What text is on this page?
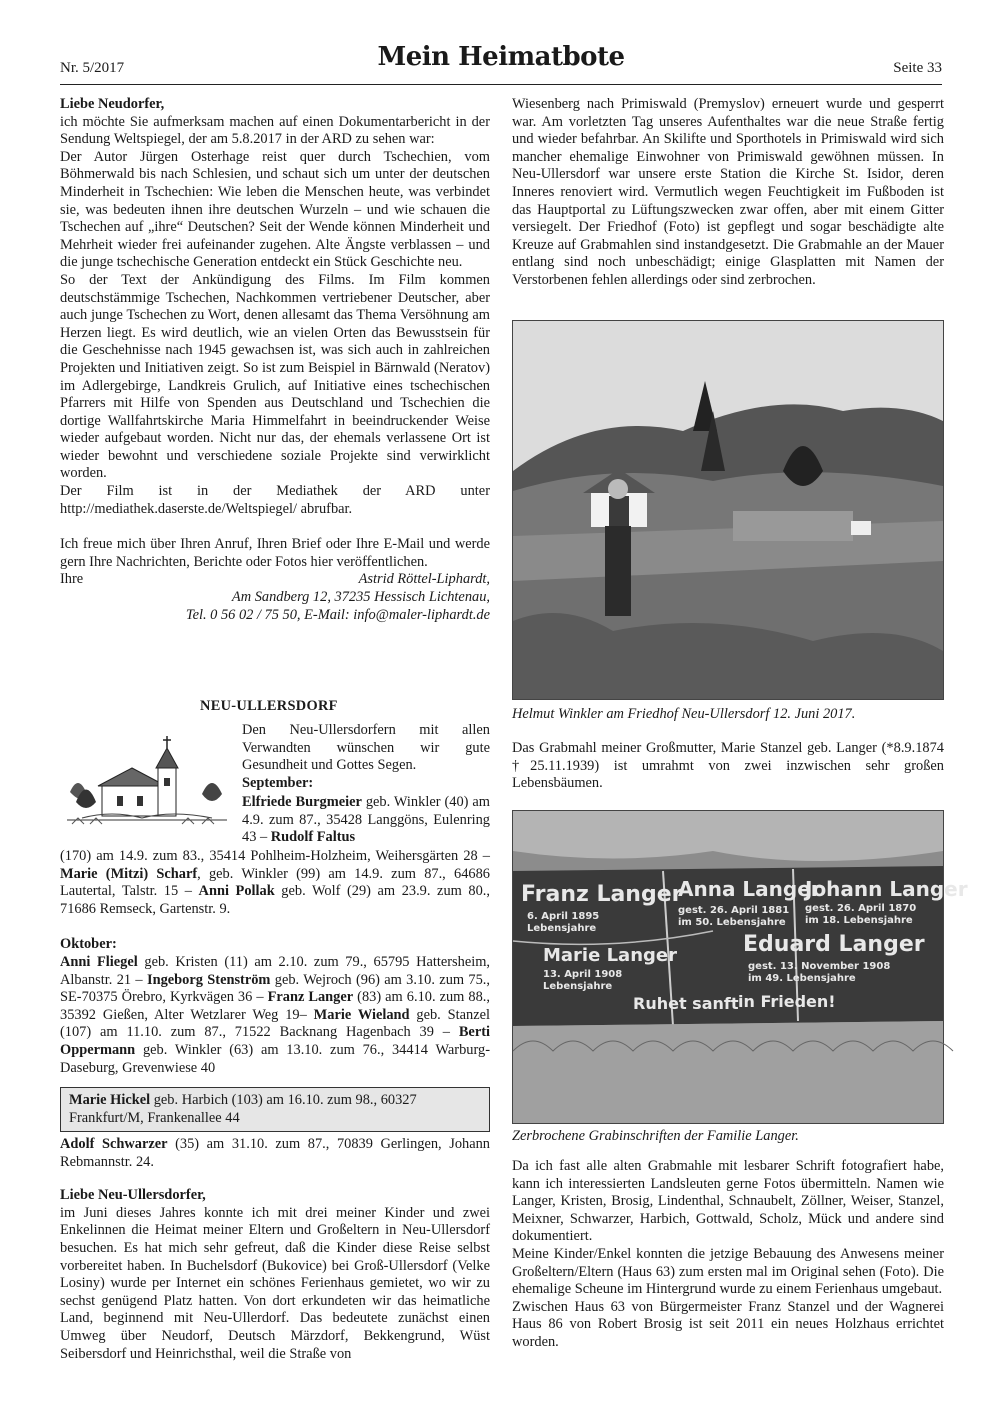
Nr. 5/2017	Mein Heimatbote	Seite 33

Liebe Neudorfer,

ich möchte Sie aufmerksam machen auf einen Dokumentarbericht in der Sendung Weltspiegel, der am 5.8.2017 in der ARD zu sehen war:

Der Autor Jürgen Osterhage reist quer durch Tschechien, vom Böhmerwald bis nach Schlesien, und schaut sich um unter der deutschen Minderheit in Tschechien: Wie leben die Menschen heute, was verbindet sie, was bedeuten ihnen ihre deutschen Wurzeln – und wie schauen die Tschechen auf „ihre“ Deutschen? Seit der Wende können Minderheit und Mehrheit wieder frei aufeinander zugehen. Alte Ängste verblassen – und die junge tschechische Generation entdeckt ein Stück Geschichte neu.

So der Text der Ankündigung des Films. Im Film kommen deutschstämmige Tschechen, Nachkommen vertriebener Deutscher, aber auch junge Tschechen zu Wort, denen allesamt das Thema Versöhnung am Herzen liegt. Es wird deutlich, wie an vielen Orten das Bewusstsein für die Geschehnisse nach 1945 gewachsen ist, was sich auch in zahlreichen Projekten und Initiativen zeigt. So ist zum Beispiel in Bärnwald (Neratov) im Adlergebirge, Landkreis Grulich, auf Initiative eines tschechischen Pfarrers mit Hilfe von Spenden aus Deutschland und Tschechien die dortige Wallfahrtskirche Maria Himmelfahrt in beeindruckender Weise wieder aufgebaut worden. Nicht nur das, der ehemals verlassene Ort ist wieder bewohnt und verschiedene soziale Projekte sind verwirklicht worden.

Der Film ist in der Mediathek der ARD unter http://mediathek.daserste.de/Weltspiegel/ abrufbar.

Ich freue mich über Ihren Anruf, Ihren Brief oder Ihre E-Mail und werde gern Ihre Nachrichten, Berichte oder Fotos hier veröffentlichen.

Ihre	Astrid Röttel-Liphardt,

Am Sandberg 12, 37235 Hessisch Lichtenau,

Tel. 0 56 02 / 75 50, E-Mail: info@maler-liphardt.de

NEU-ULLERSDORF

Den Neu-Ullersdorfern mit allen Verwandten wünschen wir gute Gesundheit und Gottes Segen.

September:

Elfriede Burgmeier geb. Winkler (40) am 4.9. zum 87., 35428 Langgöns, Eulenring 43 – Rudolf Faltus

(170) am 14.9. zum 83., 35414 Pohlheim-Holzheim, Weihersgärten 28 – Marie (Mitzi) Scharf, geb. Winkler (99) am 14.9. zum 87., 64686 Lautertal, Talstr. 15 – Anni Pollak geb. Wolf (29) am 23.9. zum 80., 71686 Remseck, Gartenstr. 9.

Oktober:

Anni Fliegel geb. Kristen (11) am 2.10. zum 79., 65795 Hattersheim, Albanstr. 21 – Ingeborg Stenström geb. Wejroch (96) am 3.10. zum 75., SE-70375 Örebro, Kyrkvägen 36 – Franz Langer (83) am 6.10. zum 88., 35392 Gießen, Alter Wetzlarer Weg 19– Marie Wieland geb. Stanzel (107) am 11.10. zum 87., 71522 Backnang Hagenbach 39 – Berti Oppermann geb. Winkler (63) am 13.10. zum 76., 34414 Warburg-Daseburg, Grevenwiese 40

Marie Hickel geb. Harbich (103) am 16.10. zum 98., 60327 Frankfurt/M, Frankenallee 44

Adolf Schwarzer (35) am 31.10. zum 87., 70839 Gerlingen, Johann Rebmannstr. 24.

Liebe Neu-Ullersdorfer,

im Juni dieses Jahres konnte ich mit drei meiner Kinder und zwei Enkelinnen die Heimat meiner Eltern und Großeltern in Neu-Ullersdorf besuchen. Es hat mich sehr gefreut, daß die Kinder diese Reise selbst vorbereitet haben. In Buchelsdorf (Bukovice) bei Groß-Ullersdorf (Velke Losiny) wurde per Internet ein schönes Ferienhaus gemietet, wo wir zu sechst genügend Platz hatten. Von dort erkundeten wir das heimatliche Land, beginnend mit Neu-Ullerdorf. Das bedeutete zunächst einen Umweg über Neudorf, Deutsch Märzdorf, Bekkengrund, Wüst Seibersdorf und Heinrichsthal, weil die Straße von

Wiesenberg nach Primiswald (Premyslov) erneuert wurde und gesperrt war. Am vorletzten Tag unseres Aufenthaltes war die neue Straße fertig und wieder befahrbar. An Skilifte und Sporthotels in Primiswald wird sich mancher ehemalige Einwohner von Primiswald gewöhnen müssen. In Neu-Ullersdorf war unsere erste Station die Kirche St. Isidor, deren Inneres renoviert wird. Vermutlich wegen Feuchtigkeit im Fußboden ist das Hauptportal zu Lüftungszwecken zwar offen, aber mit einem Gitter versiegelt. Der Friedhof (Foto) ist gepflegt und sogar beschädigte alte Kreuze auf Grabmahlen sind instandgesetzt. Die Grabmahle an der Mauer entlang sind noch unbeschädigt; einige Glasplatten mit Namen der Verstorbenen fehlen allerdings oder sind zerbrochen.

Helmut Winkler am Friedhof Neu-Ullersdorf 12. Juni 2017.

Das Grabmahl meiner Großmutter, Marie Stanzel geb. Langer (*8.9.1874 †25.11.1939) ist umrahmt von zwei inzwischen sehr großen Lebensbäumen.

Franz Langer
Anna Langer
Johann Langer
6. April 1895
gest. 26. April 1881 gest. 26. April 1870
Lebensjahre
im 50. Lebensjahre im 18. Lebensjahre
Marie Langer	Eduard Langer
13. April 1908
gest. 13. November 1908
Lebensjahre
im 49. Lebensjahre
Ruhet sanft in Frieden!
Zerbrochene Grabinschriften der Familie Langer.

Da ich fast alle alten Grabmahle mit lesbarer Schrift fotografiert habe, kann ich interessierten Landsleuten gerne Fotos übermitteln. Namen wie Langer, Kristen, Brosig, Lindenthal, Schnaubelt, Zöllner, Weiser, Stanzel, Meixner, Schwarzer, Harbich, Gottwald, Scholz, Mück und andere sind dokumentiert.

Meine Kinder/Enkel konnten die jetzige Bebauung des Anwesens meiner Großeltern/Eltern (Haus 63) zum ersten mal im Original sehen (Foto). Die ehemalige Scheune im Hintergrund wurde zu einem Ferienhaus umgebaut.

Zwischen Haus 63 von Bürgermeister Franz Stanzel und der Wagnerei Haus 86 von Robert Brosig ist seit 2011 ein neues Holzhaus errichtet worden.
